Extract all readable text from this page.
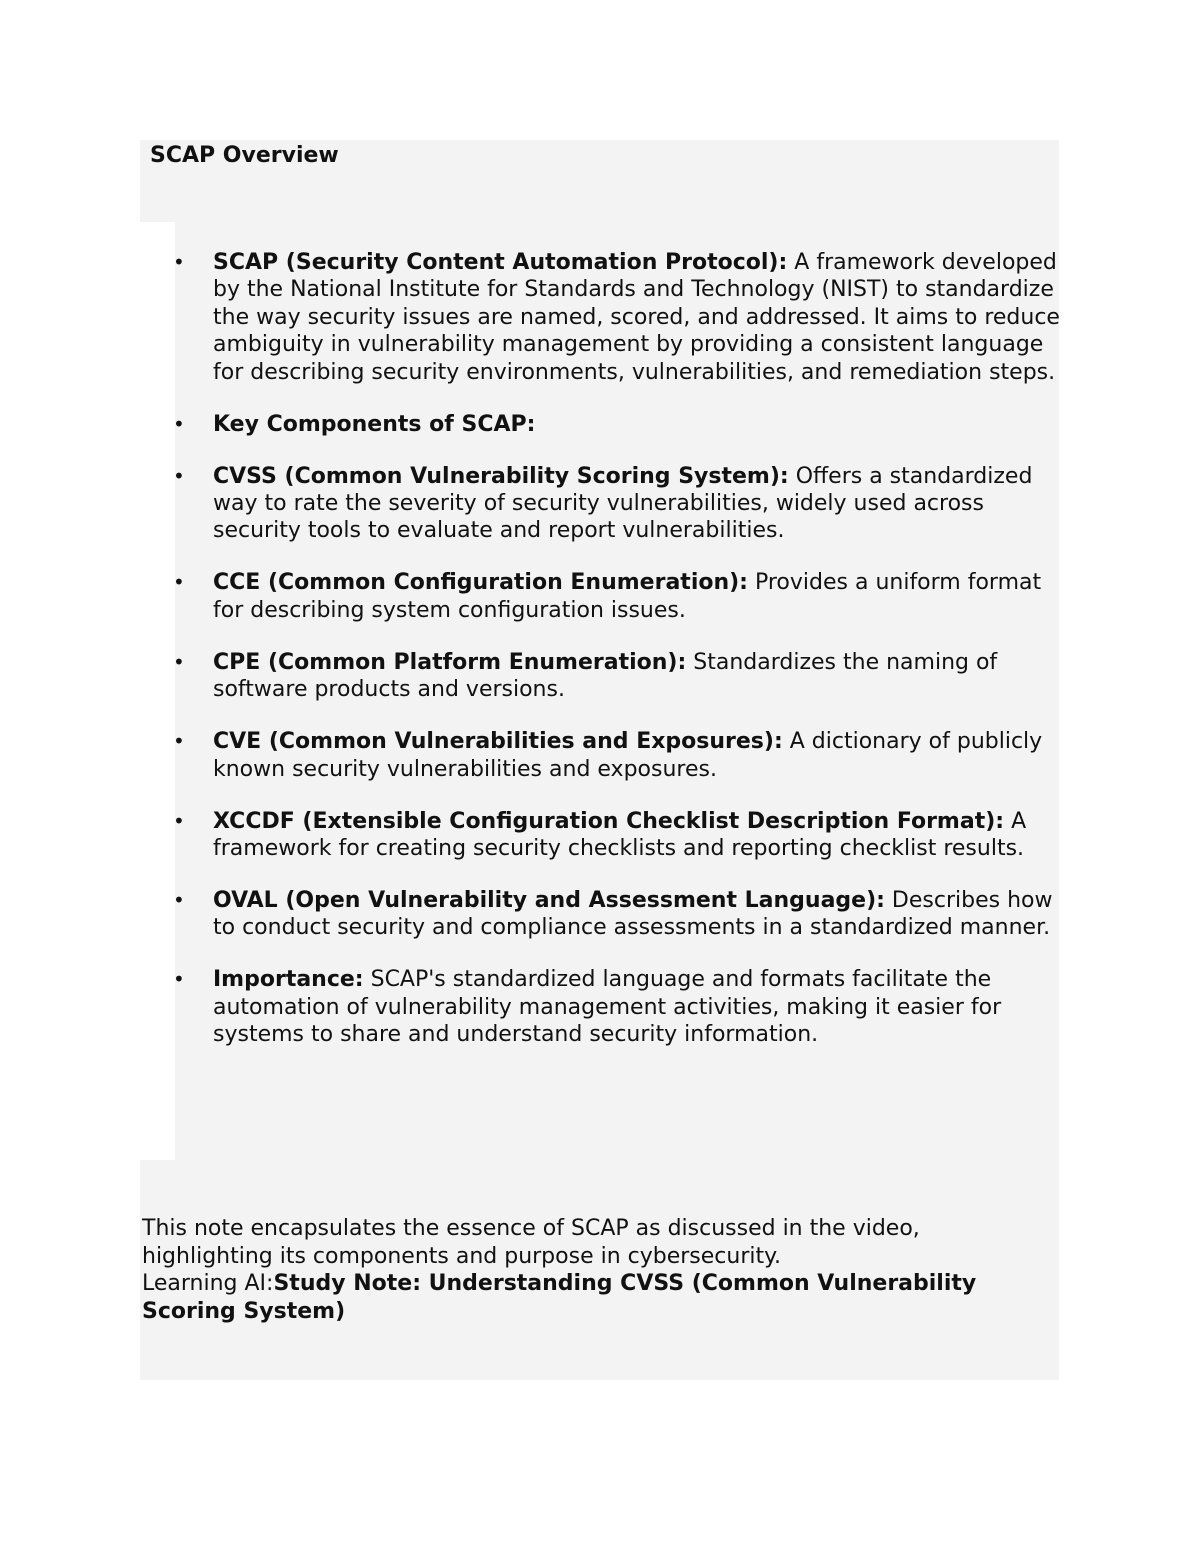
SCAP Overview
• SCAP (Security Content Automation Protocol): A framework developed by the National Institute for Standards and Technology (NIST) to standardize the way security issues are named, scored, and addressed. It aims to reduce ambiguity in vulnerability management by providing a consistent language for describing security environments, vulnerabilities, and remediation steps.
• Key Components of SCAP:
• CVSS (Common Vulnerability Scoring System): Offers a standardized way to rate the severity of security vulnerabilities, widely used across security tools to evaluate and report vulnerabilities.
• CCE (Common Configuration Enumeration): Provides a uniform format for describing system configuration issues.
• CPE (Common Platform Enumeration): Standardizes the naming of software products and versions.
• CVE (Common Vulnerabilities and Exposures): A dictionary of publicly known security vulnerabilities and exposures.
• XCCDF (Extensible Configuration Checklist Description Format): A framework for creating security checklists and reporting checklist results.
• OVAL (Open Vulnerability and Assessment Language): Describes how to conduct security and compliance assessments in a standardized manner.
• Importance: SCAP's standardized language and formats facilitate the automation of vulnerability management activities, making it easier for systems to share and understand security information.

This note encapsulates the essence of SCAP as discussed in the video, highlighting its components and purpose in cybersecurity.
Learning AI:Study Note: Understanding CVSS (Common Vulnerability Scoring System)
